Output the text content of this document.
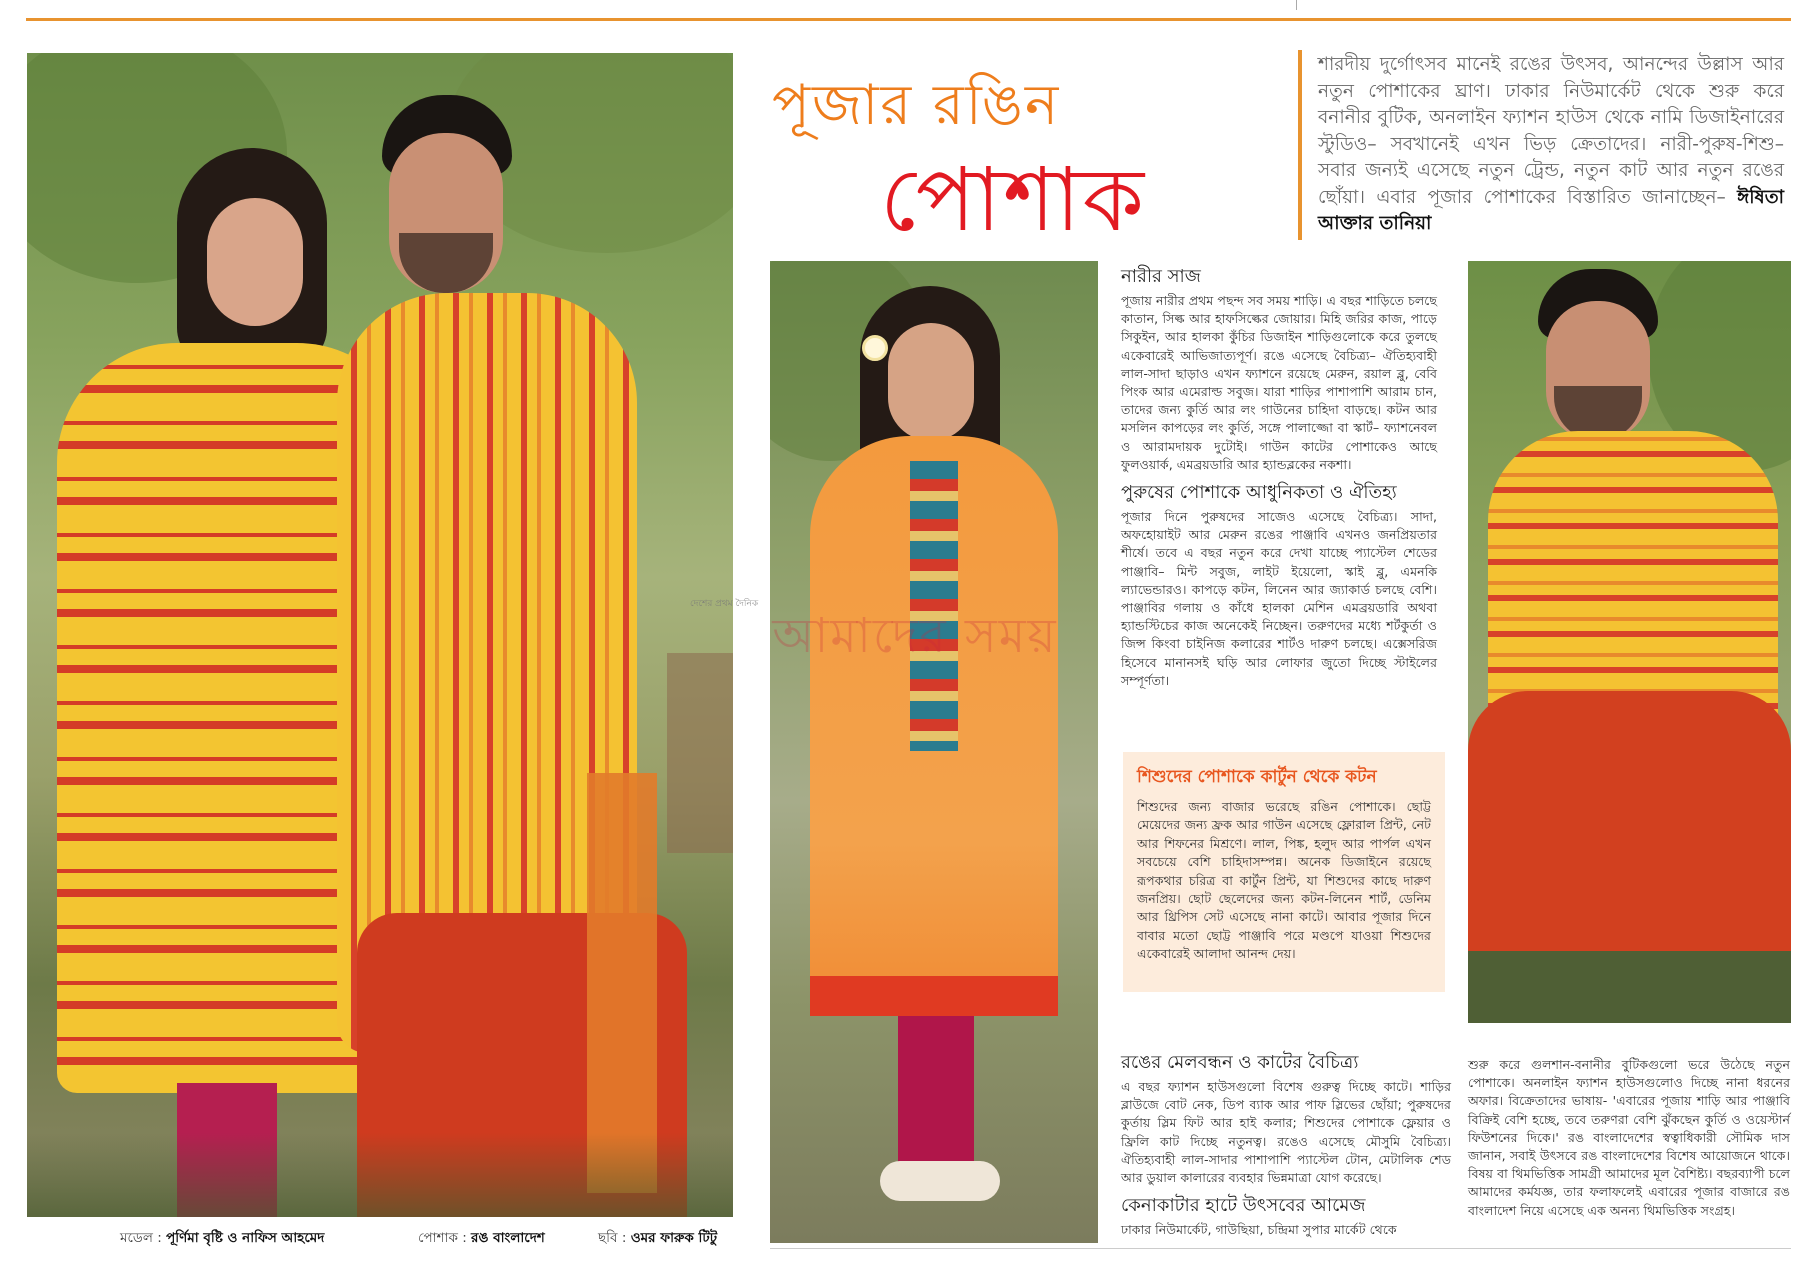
পূজার রঙিন
পোশাক
শারদীয় দুর্গোৎসব মানেই রঙের উৎসব, আনন্দের উল্লাস আর নতুন পোশাকের ঘ্রাণ। ঢাকার নিউমার্কেট থেকে শুরু করে বনানীর বুটিক, অনলাইন ফ্যাশন হাউস থেকে নামি ডিজাইনারের স্টুডিও– সবখানেই এখন ভিড় ক্রেতাদের। নারী-পুরুষ-শিশু– সবার জন্যই এসেছে নতুন ট্রেন্ড, নতুন কাট আর নতুন রঙের ছোঁয়া। এবার পূজার পোশাকের বিস্তারিত জানাচ্ছেন– ঈষিতা আক্তার তানিয়া
নারীর সাজ

পূজায় নারীর প্রথম পছন্দ সব সময় শাড়ি। এ বছর শাড়িতে চলছে কাতান, সিল্ক আর হাফসিল্কের জোয়ার। মিহি জরির কাজ, পাড়ে সিকুইন, আর হালকা কুঁচির ডিজাইন শাড়িগুলোকে করে তুলছে একেবারেই আভিজাত্যপূর্ণ। রঙে এসেছে বৈচিত্র্য– ঐতিহ্যবাহী লাল-সাদা ছাড়াও এখন ফ্যাশনে রয়েছে মেরুন, রয়াল ব্লু, বেবি পিংক আর এমেরাল্ড সবুজ। যারা শাড়ির পাশাপাশি আরাম চান, তাদের জন্য কুর্তি আর লং গাউনের চাহিদা বাড়ছে। কটন আর মসলিন কাপড়ের লং কুর্তি, সঙ্গে পালাজ্জো বা স্কার্ট– ফ্যাশনেবল ও আরামদায়ক দুটোই। গাউন কাটের পোশাকেও আছে ফুলওয়ার্ক, এমব্রয়ডারি আর হ্যান্ডব্লকের নকশা।

পুরুষের পোশাকে আধুনিকতা ও ঐতিহ্য

পূজার দিনে পুরুষদের সাজেও এসেছে বৈচিত্র্য। সাদা, অফহোয়াইট আর মেরুন রঙের পাঞ্জাবি এখনও জনপ্রিয়তার শীর্ষে। তবে এ বছর নতুন করে দেখা যাচ্ছে প্যাস্টেল শেডের পাঞ্জাবি– মিন্ট সবুজ, লাইট ইয়েলো, স্কাই ব্লু, এমনকি ল্যাভেন্ডারও। কাপড়ে কটন, লিনেন আর জ্যাকার্ড চলছে বেশি। পাঞ্জাবির গলায় ও কাঁধে হালকা মেশিন এমব্রয়ডারি অথবা হ্যান্ডস্টিচের কাজ অনেকেই নিচ্ছেন। তরুণদের মধ্যে শর্টকুর্তা ও জিন্স কিংবা চাইনিজ কলারের শার্টও দারুণ চলছে। এক্সেসরিজ হিসেবে মানানসই ঘড়ি আর লোফার জুতো দিচ্ছে স্টাইলের সম্পূর্ণতা।

শিশুদের পোশাকে কার্টুন থেকে কটন

শিশুদের জন্য বাজার ভরেছে রঙিন পোশাকে। ছোট্ট মেয়েদের জন্য ফ্রক আর গাউন এসেছে ফ্লোরাল প্রিন্ট, নেট আর শিফনের মিশ্রণে। লাল, পিঙ্ক, হলুদ আর পার্পল এখন সবচেয়ে বেশি চাহিদাসম্পন্ন। অনেক ডিজাইনে রয়েছে রূপকথার চরিত্র বা কার্টুন প্রিন্ট, যা শিশুদের কাছে দারুণ জনপ্রিয়। ছোট ছেলেদের জন্য কটন-লিনেন শার্ট, ডেনিম আর থ্রিপিস সেট এসেছে নানা কাটে। আবার পূজার দিনে বাবার মতো ছোট্ট পাঞ্জাবি পরে মণ্ডপে যাওয়া শিশুদের একেবারেই আলাদা আনন্দ দেয়।

রঙের মেলবন্ধন ও কাটের বৈচিত্র্য

এ বছর ফ্যাশন হাউসগুলো বিশেষ গুরুত্ব দিচ্ছে কাটে। শাড়ির ব্লাউজে বোট নেক, ডিপ ব্যাক আর পাফ স্লিভের ছোঁয়া; পুরুষদের কুর্তায় স্লিম ফিট আর হাই কলার; শিশুদের পোশাকে ফ্লেয়ার ও ফ্রিলি কাট দিচ্ছে নতুনত্ব। রঙেও এসেছে মৌসুমি বৈচিত্র্য। ঐতিহ্যবাহী লাল-সাদার পাশাপাশি প্যাস্টেল টোন, মেটালিক শেড আর ডুয়াল কালারের ব্যবহার ভিন্নমাত্রা যোগ করেছে।

কেনাকাটার হাটে উৎসবের আমেজ

ঢাকার নিউমার্কেট, গাউছিয়া, চন্দ্রিমা সুপার মার্কেট থেকে

শুরু করে গুলশান-বনানীর বুটিকগুলো ভরে উঠেছে নতুন পোশাকে। অনলাইন ফ্যাশন হাউসগুলোও দিচ্ছে নানা ধরনের অফার। বিক্রেতাদের ভাষায়- 'এবারের পূজায় শাড়ি আর পাঞ্জাবি বিক্রিই বেশি হচ্ছে, তবে তরুণরা বেশি ঝুঁকছেন কুর্তি ও ওয়েস্টার্ন ফিউশনের দিকে।' রঙ বাংলাদেশের স্বত্বাধিকারী সৌমিক দাস জানান, সবাই উৎসবে রঙ বাংলাদেশের বিশেষ আয়োজনে থাকে। বিষয় বা থিমভিত্তিক সামগ্রী আমাদের মূল বৈশিষ্ট্য। বছরব্যাপী চলে আমাদের কর্মযজ্ঞ, তার ফলাফলেই এবারের পূজার বাজারে রঙ বাংলাদেশ নিয়ে এসেছে এক অনন্য থিমভিত্তিক সংগ্রহ।

দেশের প্রথম দৈনিক
আমাদের সময়
মডেল : পূর্ণিমা বৃষ্টি ও নাফিস আহমেদ	পোশাক : রঙ বাংলাদেশ	ছবি : ওমর ফারুক টিটু
